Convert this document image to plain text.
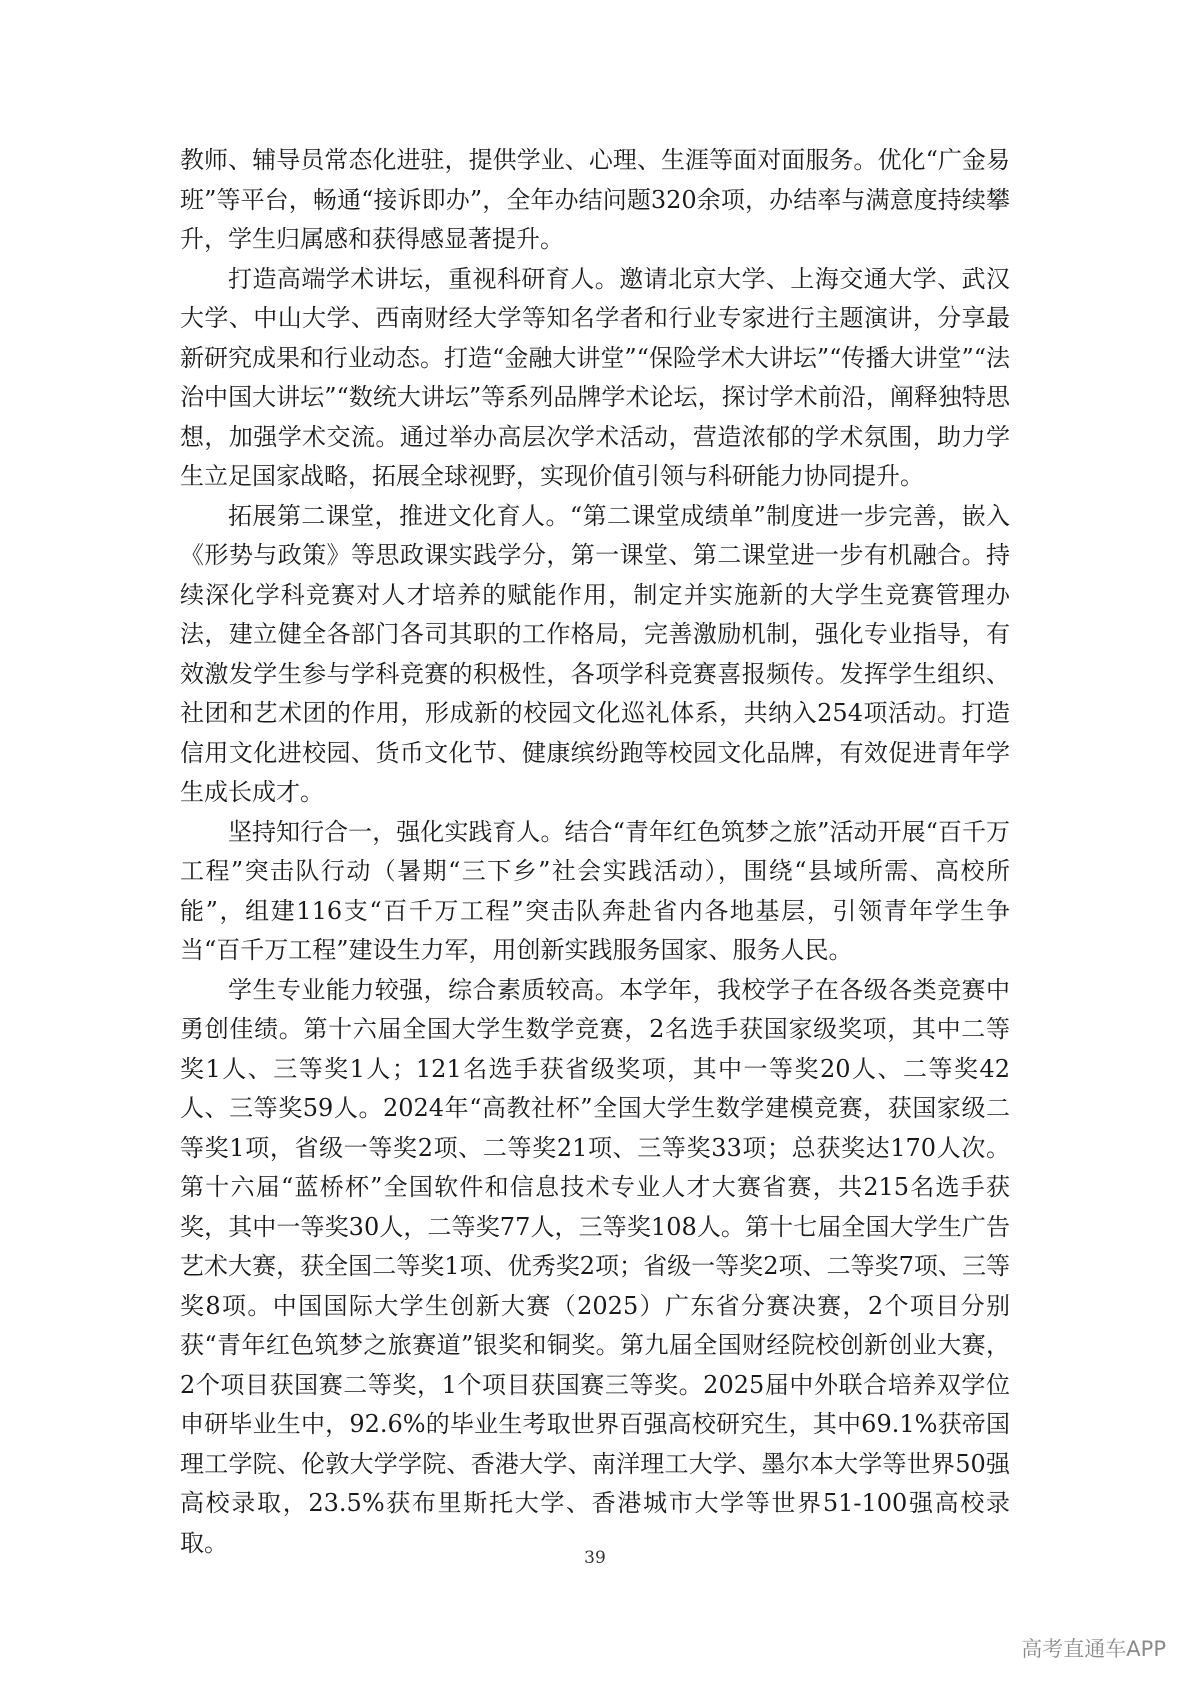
教师、辅导员常态化进驻，提供学业、心理、生涯等面对面服务。优化“广金易班”等平台，畅通“接诉即办”，全年办结问题320余项，办结率与满意度持续攀升，学生归属感和获得感显著提升。

打造高端学术讲坛，重视科研育人。邀请北京大学、上海交通大学、武汉大学、中山大学、西南财经大学等知名学者和行业专家进行主题演讲，分享最新研究成果和行业动态。打造“金融大讲堂”“保险学术大讲坛”“传播大讲堂”“法治中国大讲坛”“数统大讲坛”等系列品牌学术论坛，探讨学术前沿，阐释独特思想，加强学术交流。通过举办高层次学术活动，营造浓郁的学术氛围，助力学生立足国家战略，拓展全球视野，实现价值引领与科研能力协同提升。

拓展第二课堂，推进文化育人。“第二课堂成绩单”制度进一步完善，嵌入《形势与政策》等思政课实践学分，第一课堂、第二课堂进一步有机融合。持续深化学科竞赛对人才培养的赋能作用，制定并实施新的大学生竞赛管理办法，建立健全各部门各司其职的工作格局，完善激励机制，强化专业指导，有效激发学生参与学科竞赛的积极性，各项学科竞赛喜报频传。发挥学生组织、社团和艺术团的作用，形成新的校园文化巡礼体系，共纳入254项活动。打造信用文化进校园、货币文化节、健康缤纷跑等校园文化品牌，有效促进青年学生成长成才。

坚持知行合一，强化实践育人。结合“青年红色筑梦之旅”活动开展“百千万工程”突击队行动（暑期“三下乡”社会实践活动），围绕“县域所需、高校所能”，组建116支“百千万工程”突击队奔赴省内各地基层，引领青年学生争当“百千万工程”建设生力军，用创新实践服务国家、服务人民。

学生专业能力较强，综合素质较高。本学年，我校学子在各级各类竞赛中勇创佳绩。第十六届全国大学生数学竞赛，2名选手获国家级奖项，其中二等奖1人、三等奖1人；121名选手获省级奖项，其中一等奖20人、二等奖42人、三等奖59人。2024年“高教社杯”全国大学生数学建模竞赛，获国家级二等奖1项，省级一等奖2项、二等奖21项、三等奖33项；总获奖达170人次。第十六届“蓝桥杯”全国软件和信息技术专业人才大赛省赛，共215名选手获奖，其中一等奖30人，二等奖77人，三等奖108人。第十七届全国大学生广告艺术大赛，获全国二等奖1项、优秀奖2项；省级一等奖2项、二等奖7项、三等奖8项。中国国际大学生创新大赛（2025）广东省分赛决赛，2个项目分别获“青年红色筑梦之旅赛道”银奖和铜奖。第九届全国财经院校创新创业大赛，2个项目获国赛二等奖，1个项目获国赛三等奖。2025届中外联合培养双学位申研毕业生中，92.6%的毕业生考取世界百强高校研究生，其中69.1%获帝国理工学院、伦敦大学学院、香港大学、南洋理工大学、墨尔本大学等世界50强高校录取，23.5%获布里斯托大学、香港城市大学等世界51-100强高校录取。

39
高考直通车APP
